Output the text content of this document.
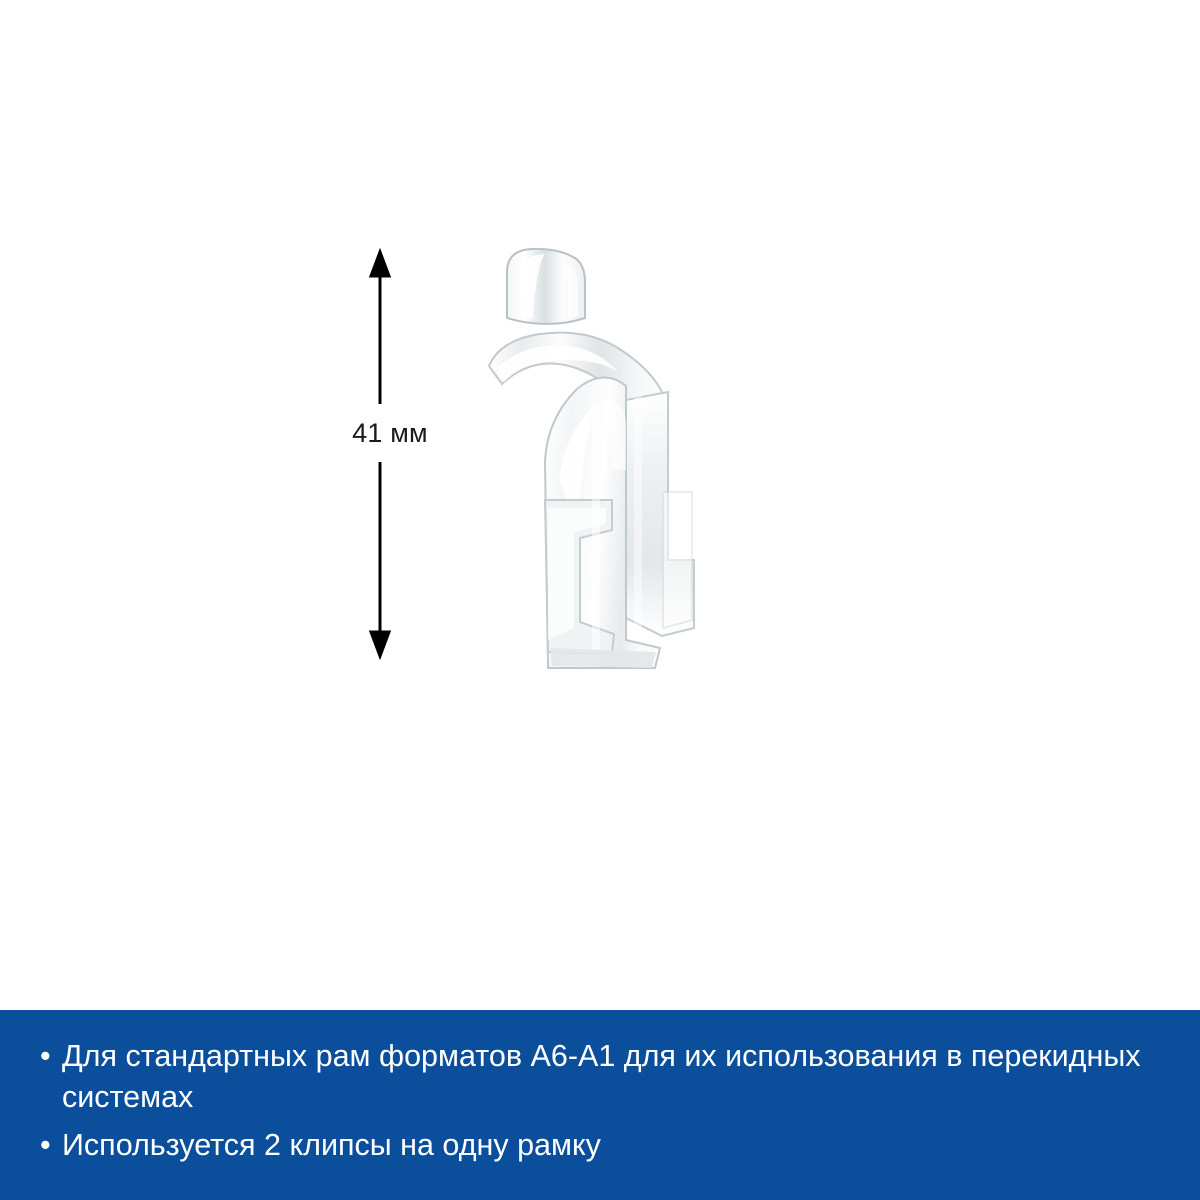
41 мм
• Для стандартных рам форматов А6-А1 для их использования в перекидных системах
• Используется 2 клипсы на одну рамку
